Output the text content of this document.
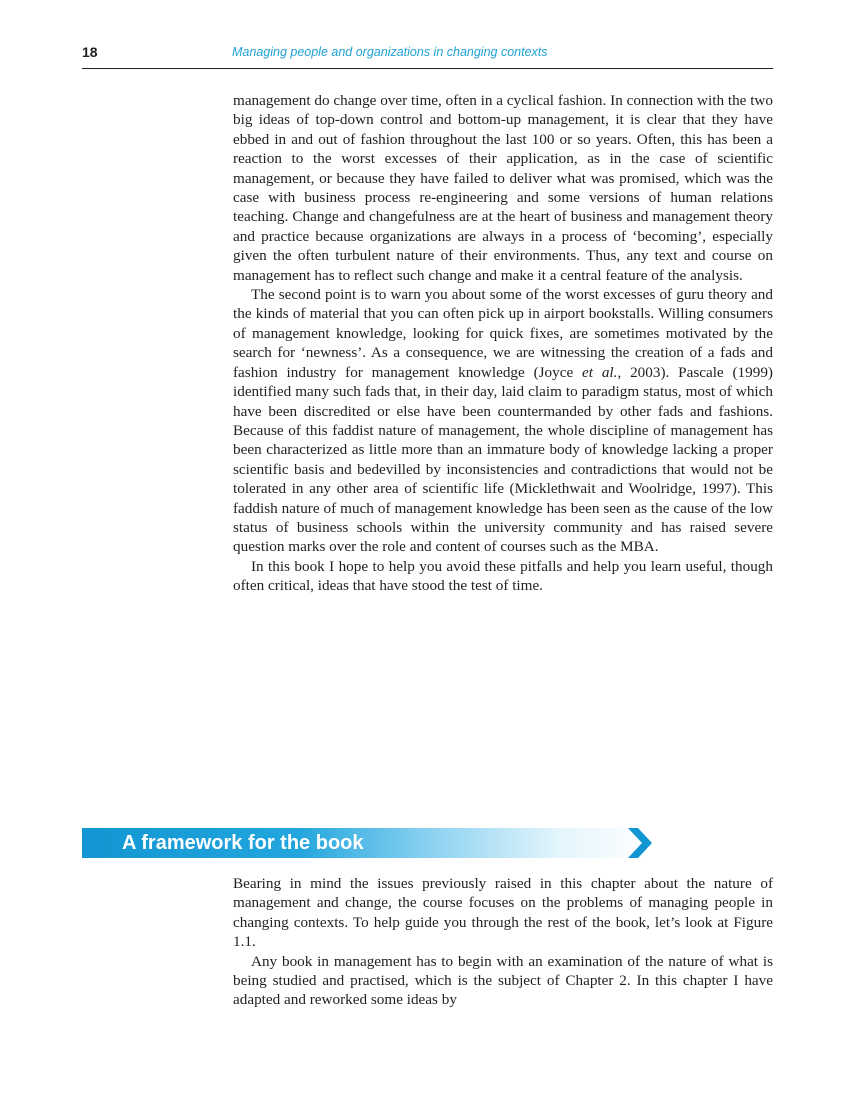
18	Managing people and organizations in changing contexts

management do change over time, often in a cyclical fashion. In connection with the two big ideas of top-down control and bottom-up management, it is clear that they have ebbed in and out of fashion throughout the last 100 or so years. Often, this has been a reaction to the worst excesses of their application, as in the case of scientific management, or because they have failed to deliver what was promised, which was the case with business process re-engineering and some versions of human relations teaching. Change and changefulness are at the heart of business and management theory and practice because organizations are always in a process of ‘becoming’, especially given the often turbulent nature of their environments. Thus, any text and course on management has to reflect such change and make it a central feature of the analysis.

The second point is to warn you about some of the worst excesses of guru theory and the kinds of material that you can often pick up in airport bookstalls. Willing consumers of management knowledge, looking for quick fixes, are sometimes motivated by the search for ‘newness’. As a consequence, we are witnessing the creation of a fads and fashion industry for management knowledge (Joyce et al., 2003). Pascale (1999) identified many such fads that, in their day, laid claim to paradigm status, most of which have been discredited or else have been countermanded by other fads and fashions. Because of this faddist nature of management, the whole discipline of management has been characterized as little more than an immature body of knowledge lacking a proper scientific basis and bedevilled by inconsistencies and contradictions that would not be tolerated in any other area of scientific life (Micklethwait and Woolridge, 1997). This faddish nature of much of management knowledge has been seen as the cause of the low status of business schools within the university community and has raised severe question marks over the role and content of courses such as the MBA.

In this book I hope to help you avoid these pitfalls and help you learn useful, though often critical, ideas that have stood the test of time.

A framework for the book

Bearing in mind the issues previously raised in this chapter about the nature of management and change, the course focuses on the problems of managing people in changing contexts. To help guide you through the rest of the book, let’s look at Figure 1.1.

Any book in management has to begin with an examination of the nature of what is being studied and practised, which is the subject of Chapter 2. In this chapter I have adapted and reworked some ideas by
